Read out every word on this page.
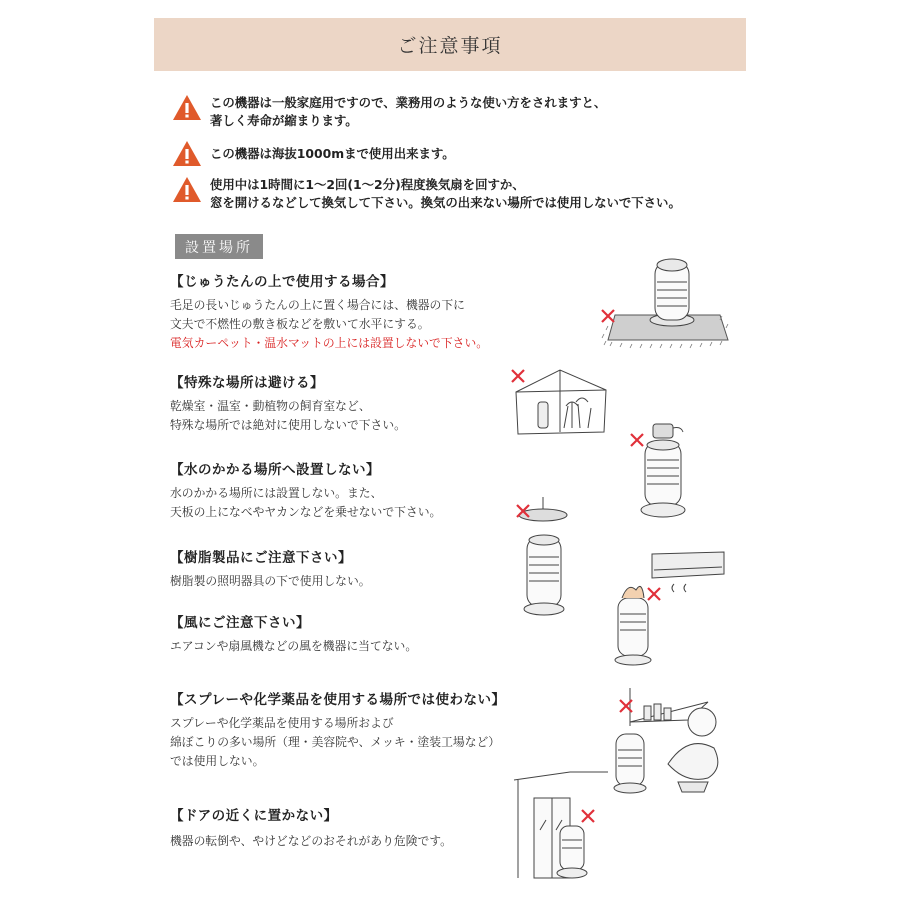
ご注意事項
この機器は一般家庭用ですので、業務用のような使い方をされますと、
著しく寿命が縮まります。
この機器は海抜1000mまで使用出来ます。
使用中は1時間に1〜2回(1〜2分)程度換気扇を回すか、
窓を開けるなどして換気して下さい。換気の出来ない場所では使用しないで下さい。
設置場所
【じゅうたんの上で使用する場合】
毛足の長いじゅうたんの上に置く場合には、機器の下に
文夫で不燃性の敷き板などを敷いて水平にする。
電気カーペット・温水マットの上には設置しないで下さい。
【特殊な場所は避ける】
乾燥室・温室・動植物の飼育室など、
特殊な場所では絶対に使用しないで下さい。
【水のかかる場所へ設置しない】
水のかかる場所には設置しない。また、
天板の上になべやヤカンなどを乗せないで下さい。
【樹脂製品にご注意下さい】
樹脂製の照明器具の下で使用しない。
【風にご注意下さい】
エアコンや扇風機などの風を機器に当てない。
【スプレーや化学薬品を使用する場所では使わない】
スプレーや化学薬品を使用する場所および
綿ぼこりの多い場所（理・美容院や、メッキ・塗装工場など）
では使用しない。
【ドアの近くに置かない】
機器の転倒や、やけどなどのおそれがあり危険です。
